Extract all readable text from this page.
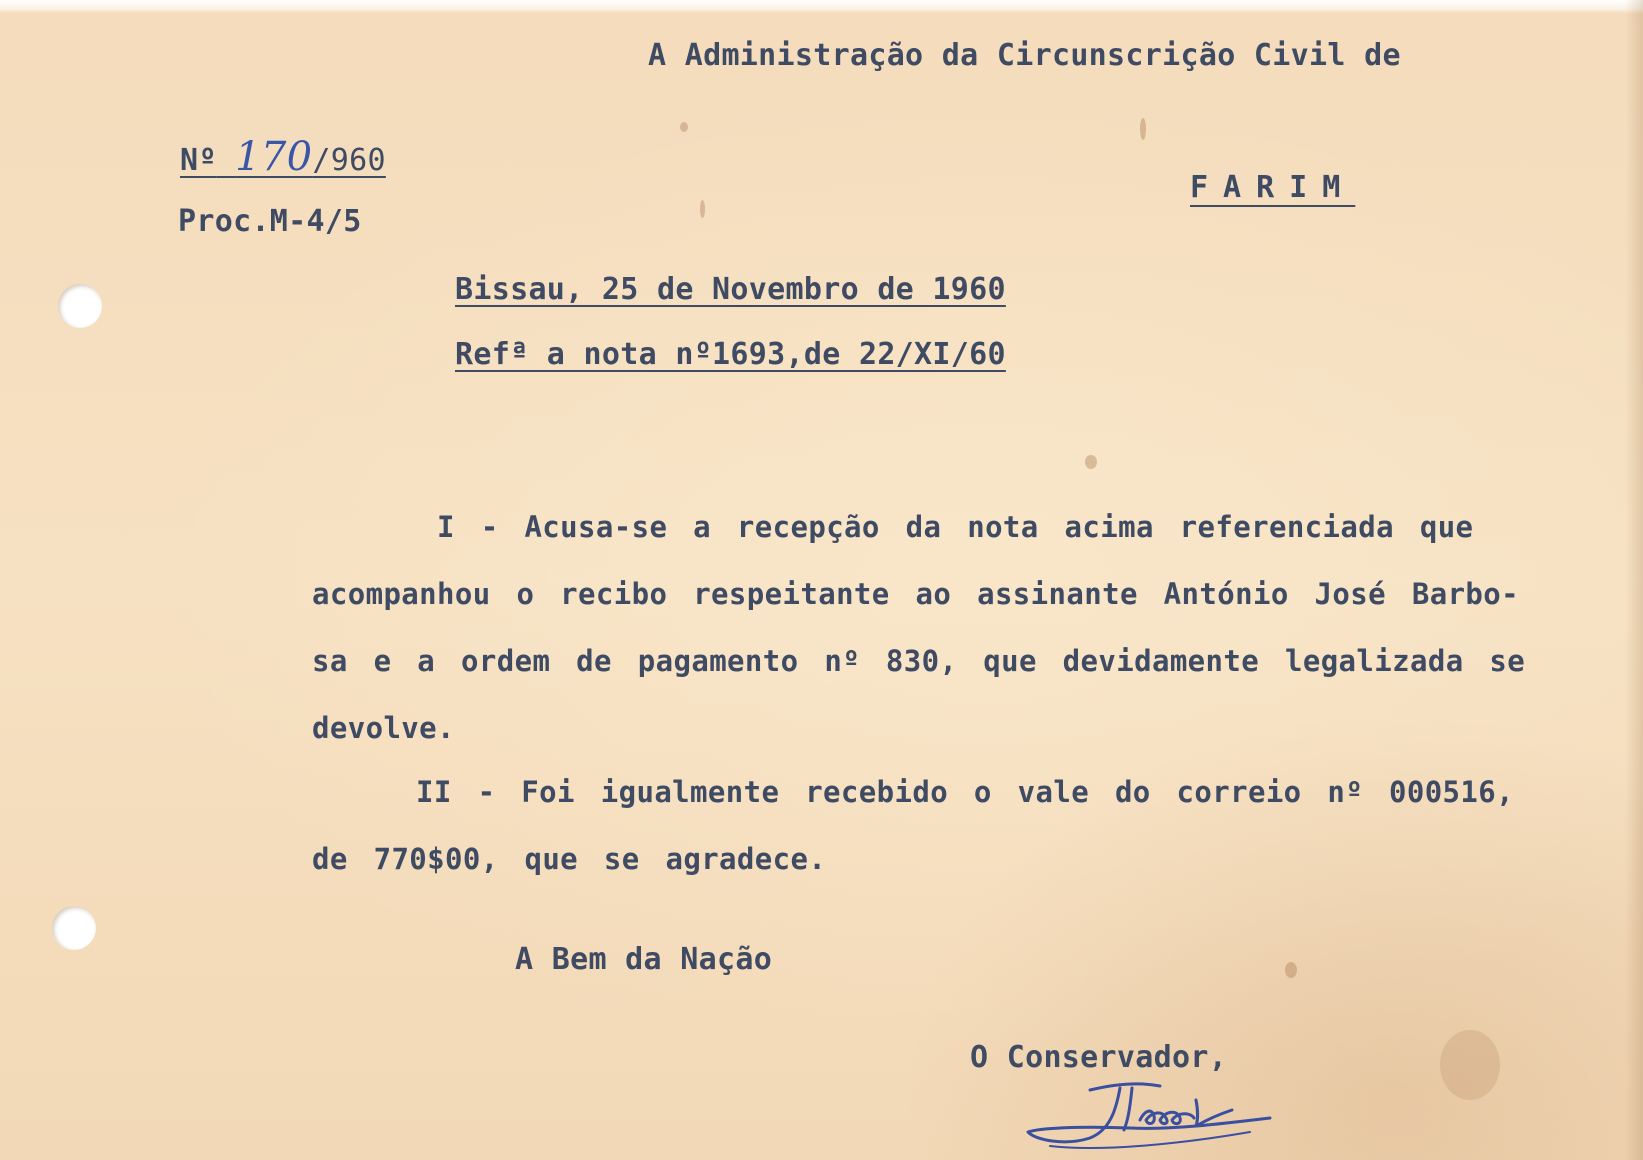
A Administração da Circunscrição Civil de

Nº 170/960

Proc.M-4/5

FARIM

Bissau, 25 de Novembro de 1960

Refª a nota nº1693,de 22/XI/60

I - Acusa-se a recepção da nota acima referenciada que
acompanhou o recibo respeitante ao assinante António José Barbo-
sa e a ordem de pagamento nº 830, que devidamente legalizada se
devolve.
II - Foi igualmente recebido o vale do correio nº 000516,
de 770$00, que se agradece.

A Bem da Nação

O Conservador,
